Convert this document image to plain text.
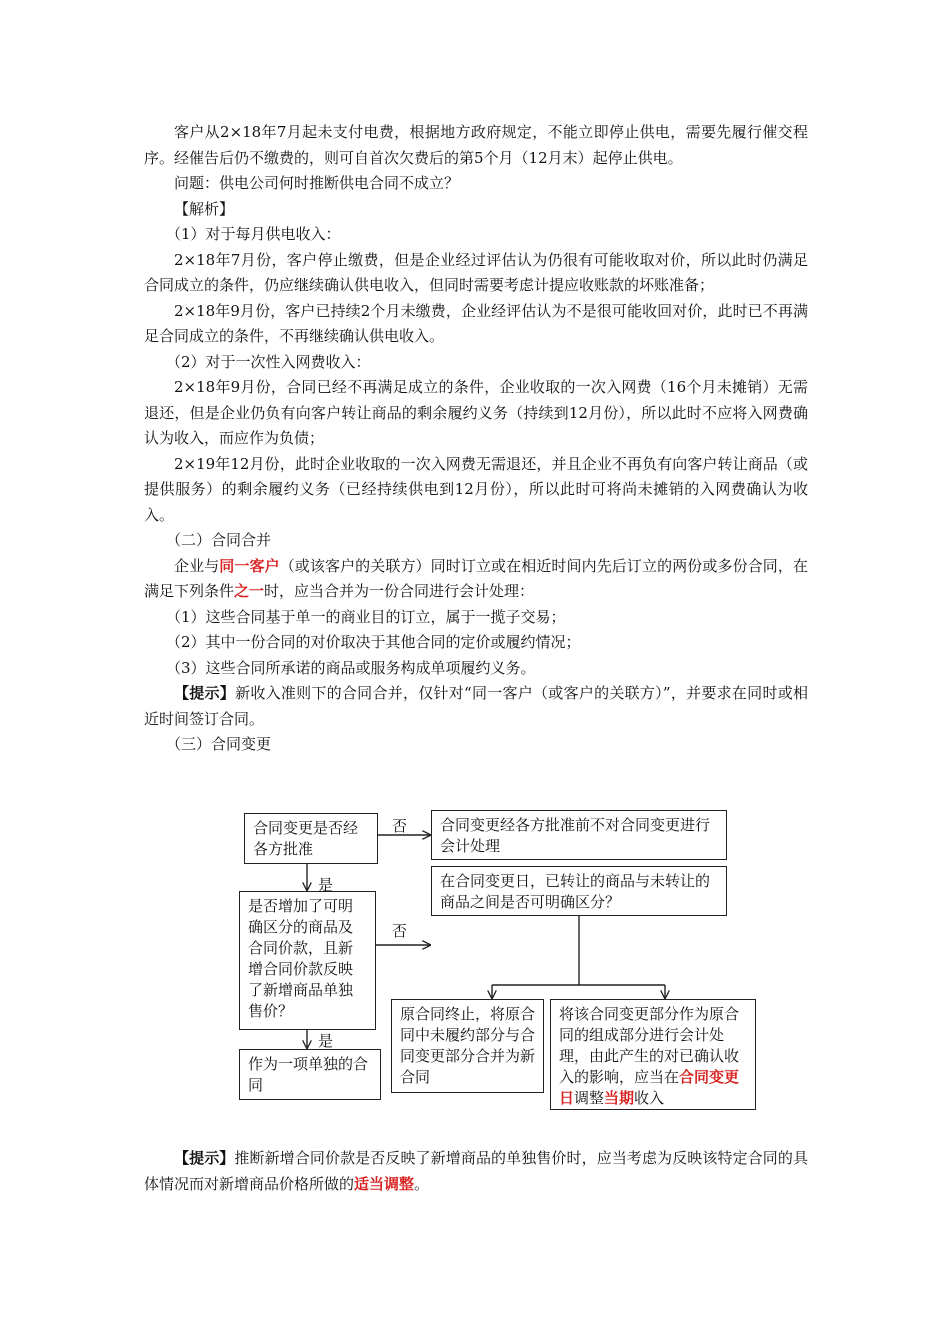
客户从2×18年7月起未支付电费，根据地方政府规定，不能立即停止供电，需要先履行催交程序。经催告后仍不缴费的，则可自首次欠费后的第5个月（12月末）起停止供电。

问题：供电公司何时推断供电合同不成立？

【解析】

（1）对于每月供电收入：

2×18年7月份，客户停止缴费，但是企业经过评估认为仍很有可能收取对价，所以此时仍满足合同成立的条件，仍应继续确认供电收入，但同时需要考虑计提应收账款的坏账准备；

2×18年9月份，客户已持续2个月未缴费，企业经评估认为不是很可能收回对价，此时已不再满足合同成立的条件，不再继续确认供电收入。

（2）对于一次性入网费收入：

2×18年9月份，合同已经不再满足成立的条件，企业收取的一次入网费（16个月未摊销）无需退还，但是企业仍负有向客户转让商品的剩余履约义务（持续到12月份），所以此时不应将入网费确认为收入，而应作为负债；

2×19年12月份，此时企业收取的一次入网费无需退还，并且企业不再负有向客户转让商品（或提供服务）的剩余履约义务（已经持续供电到12月份），所以此时可将尚未摊销的入网费确认为收入。

（二）合同合并

企业与同一客户（或该客户的关联方）同时订立或在相近时间内先后订立的两份或多份合同，在满足下列条件之一时，应当合并为一份合同进行会计处理：

（1）这些合同基于单一的商业目的订立，属于一揽子交易；

（2）其中一份合同的对价取决于其他合同的定价或履约情况；

（3）这些合同所承诺的商品或服务构成单项履约义务。

【提示】新收入准则下的合同合并，仅针对“同一客户（或客户的关联方）”，并要求在同时或相近时间签订合同。

（三）合同变更

合同变更是否经各方批准
合同变更经各方批准前不对合同变更进行会计处理
是否增加了可明确区分的商品及合同价款，且新增合同价款反映了新增商品单独售价？
在合同变更日，已转让的商品与未转让的商品之间是否可明确区分？
作为一项单独的合同
原合同终止，将原合同中未履约部分与合同变更部分合并为新合同
将该合同变更部分作为原合同的组成部分进行会计处理，由此产生的对已确认收入的影响，应当在合同变更日调整当期收入
否
否
是
是

【提示】推断新增合同价款是否反映了新增商品的单独售价时，应当考虑为反映该特定合同的具体情况而对新增商品价格所做的适当调整。
